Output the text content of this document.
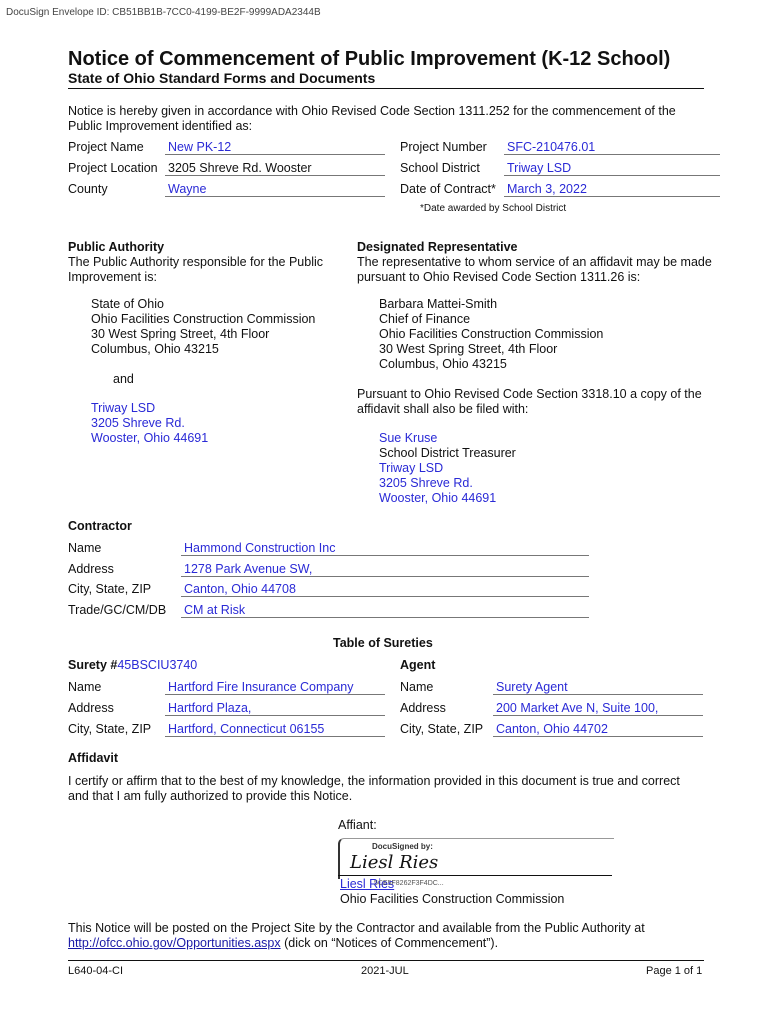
DocuSign Envelope ID: CB51BB1B-7CC0-4199-BE2F-9999ADA2344B
Notice of Commencement of Public Improvement (K-12 School)
State of Ohio Standard Forms and Documents
Notice is hereby given in accordance with Ohio Revised Code Section 1311.252 for the commencement of the Public Improvement identified as:
Project Name New PK-12
Project Location 3205 Shreve Rd. Wooster
County	Wayne
Project Number SFC-210476.01
School District Triway LSD
Date of Contract* March 3, 2022
*Date awarded by School District
Public Authority
The Public Authority responsible for the Public
Improvement is:
State of Ohio
Ohio Facilities Construction Commission
30 West Spring Street, 4th Floor
Columbus, Ohio 43215
and
Triway LSD
3205 Shreve Rd.
Wooster, Ohio 44691
Designated Representative
The representative to whom service of an affidavit may be made
pursuant to Ohio Revised Code Section 1311.26 is:
Barbara Mattei-Smith
Chief of Finance
Ohio Facilities Construction Commission
30 West Spring Street, 4th Floor
Columbus, Ohio 43215
Pursuant to Ohio Revised Code Section 3318.10 a copy of the
affidavit shall also be filed with:
Sue Kruse
School District Treasurer
Triway LSD
3205 Shreve Rd.
Wooster, Ohio 44691
Contractor
Name	Hammond Construction Inc
Address	1278 Park Avenue SW,
City, State, ZIP	Canton, Ohio 44708
Trade/GC/CM/DB CM at Risk
Table of Sureties
Surety #45BSCIU3740
Name	Hartford Fire Insurance Company
Address	Hartford Plaza,
City, State, ZIP Hartford, Connecticut 06155
Agent
Name	Surety Agent
Address	200 Market Ave N, Suite 100,
City, State, ZIP Canton, Ohio 44702
Affidavit
I certify or affirm that to the best of my knowledge, the information provided in this document is true and correct
and that I am fully authorized to provide this Notice.
Affiant:
DocuSigned by:
Liesl Ries
Liesl Ries
5CE5F8262F3F4DC...
Ohio Facilities Construction Commission
This Notice will be posted on the Project Site by the Contractor and available from the Public Authority at
http://ofcc.ohio.gov/Opportunities.aspx (dick on “Notices of Commencement”).
L640-04-CI	2021-JUL	Page 1 of 1
